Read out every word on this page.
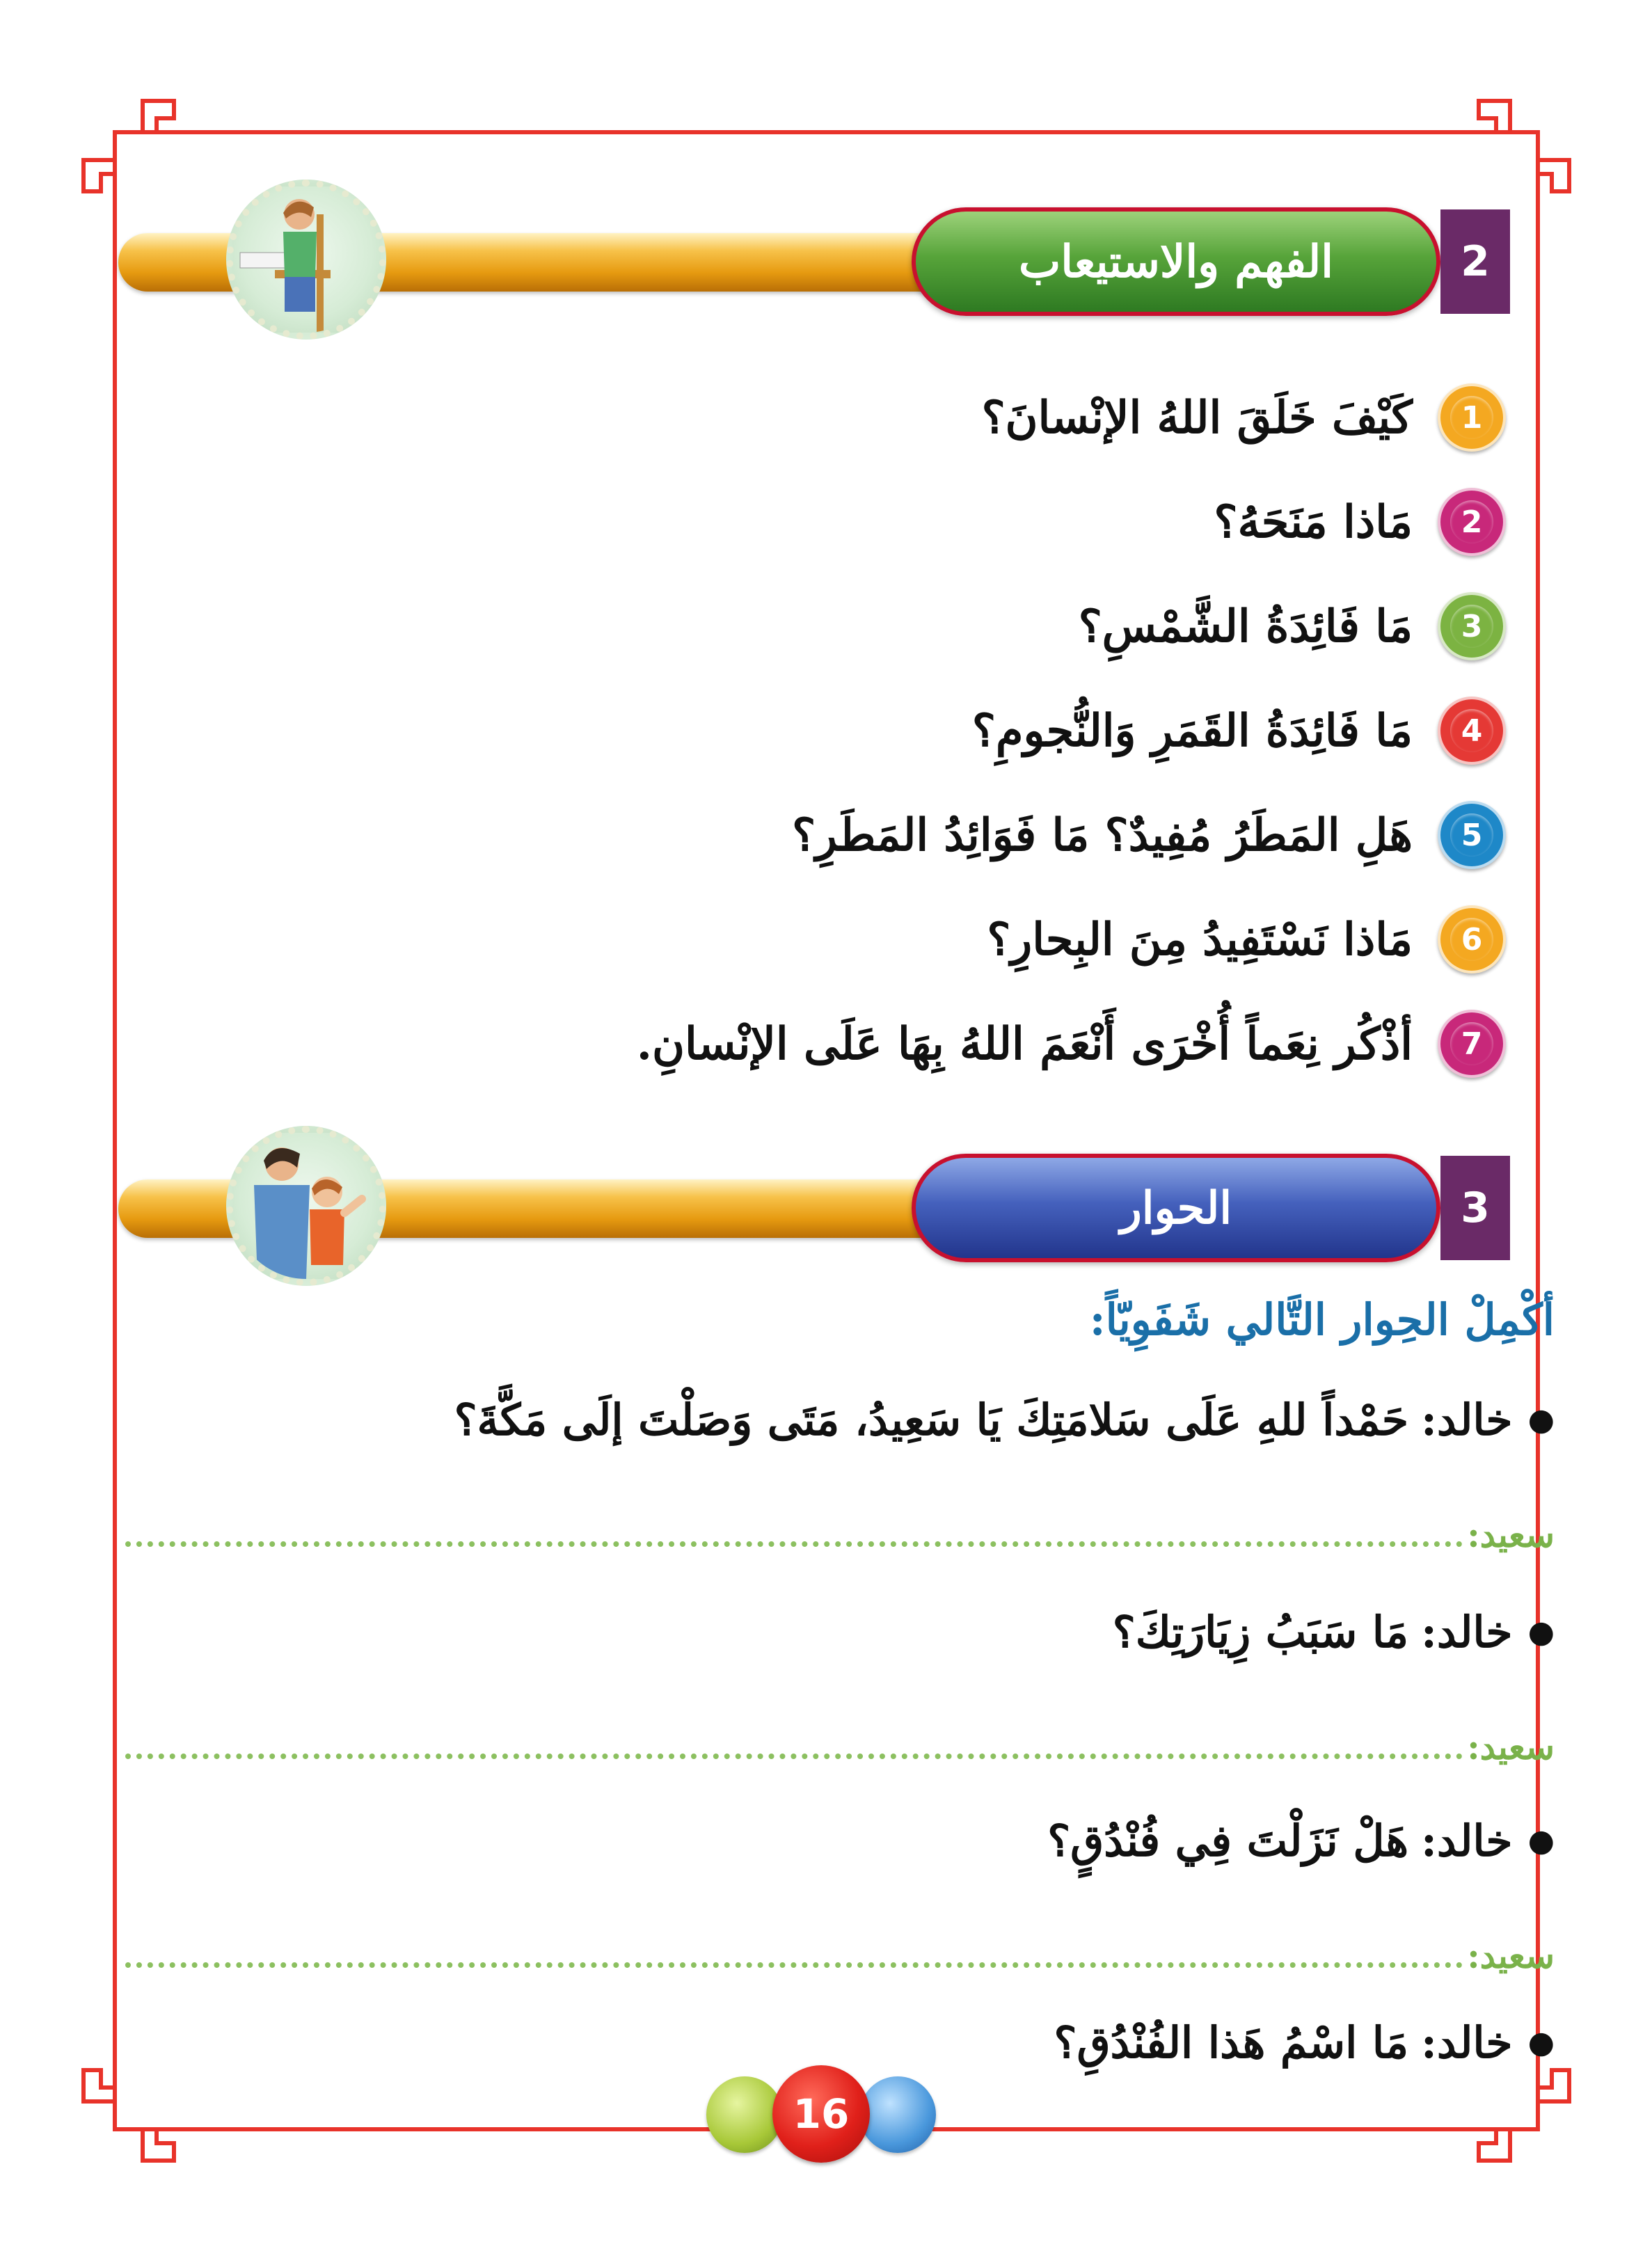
الفهم والاستيعاب	2
1
كَيْفَ خَلَقَ اللهُ الإنْسانَ؟
2
مَاذا مَنَحَهُ؟
3
مَا فَائِدَةُ الشَّمْسِ؟
4
مَا فَائِدَةُ القَمَرِ وَالنُّجومِ؟
5
هَلِ المَطَرُ مُفِيدٌ؟ مَا فَوَائِدُ المَطَرِ؟
6
مَاذا نَسْتَفِيدُ مِنَ البِحارِ؟
7
أذْكُر نِعَماً أُخْرَى أَنْعَمَ اللهُ بِهَا عَلَى الإنْسانِ.
الحوار	3
أكْمِلْ الحِوار التَّالي شَفَوِيّاً:
●
خالد:
حَمْداً للهِ عَلَى سَلامَتِكَ يَا سَعِيدُ، مَتَى وَصَلْتَ إلَى مَكَّةَ؟
سعيد:
●
خالد:
مَا سَبَبُ زِيَارَتِكَ؟
سعيد:
●
خالد:
هَلْ نَزَلْتَ فِي فُنْدُقٍ؟
سعيد:
●
خالد:
مَا اسْمُ هَذا الفُنْدُقِ؟
16
